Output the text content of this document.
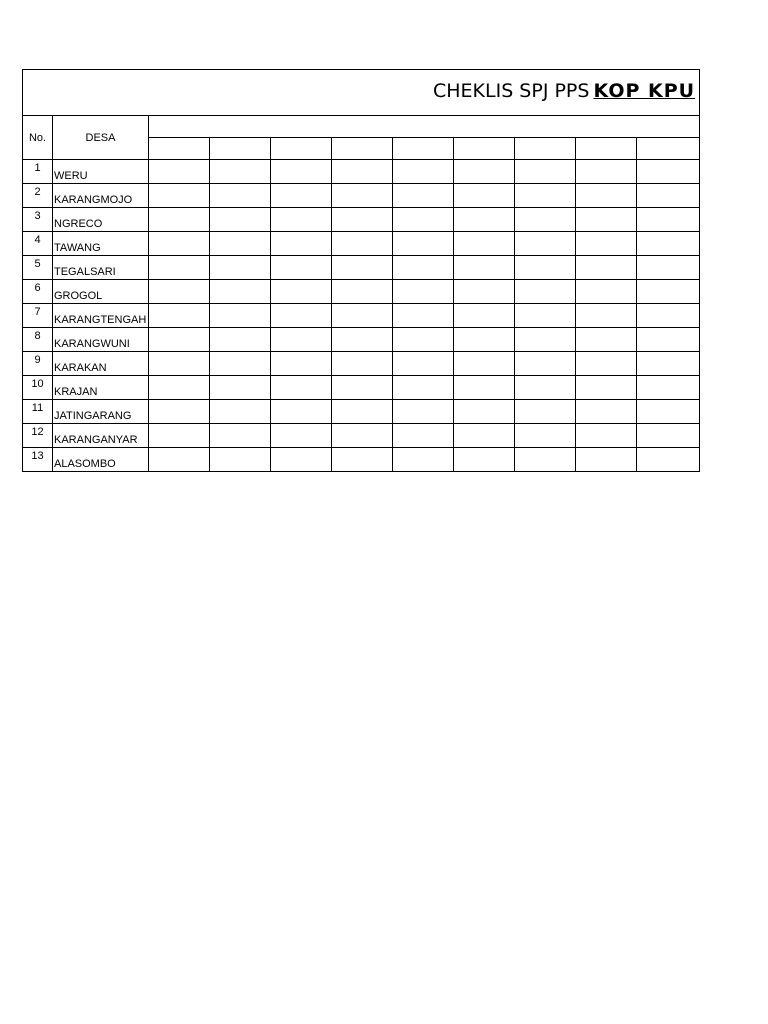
CHEKLIS SPJ PPS KOP KPU										

No.	DESA									

1	WERU									
2	KARANGMOJO									
3	NGRECO									
4	TAWANG									
5	TEGALSARI									
6	GROGOL									
7	KARANGTENGAH									
8	KARANGWUNI									
9	KARAKAN									
10	KRAJAN									
11	JATINGARANG									
12	KARANGANYAR									
13	ALASOMBO									
